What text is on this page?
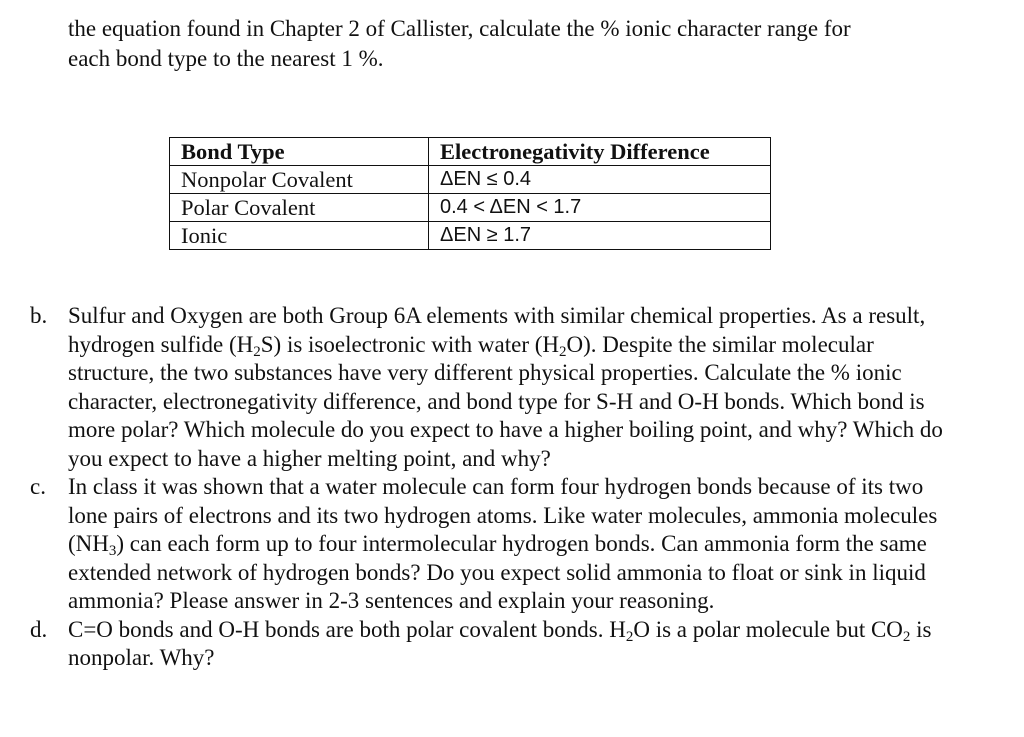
the equation found in Chapter 2 of Callister, calculate the % ionic character range for

each bond type to the nearest 1 %.

Bond Type	Electronegativity Difference
Nonpolar Covalent	ΔEN ≤ 0.4
Polar Covalent	0.4 < ΔEN < 1.7
Ionic	ΔEN ≥ 1.7

b. Sulfur and Oxygen are both Group 6A elements with similar chemical properties. As a result, hydrogen sulfide $(H_2S)$ is isoelectronic with water $(H_2O)$. Despite the similar molecular structure, the two substances have very different physical properties. Calculate the % ionic character, electronegativity difference, and bond type for S-H and O-H bonds. Which bond is more polar? Which molecule do you expect to have a higher boiling point, and why? Which do you expect to have a higher melting point, and why?

c. In class it was shown that a water molecule can form four hydrogen bonds because of its two lone pairs of electrons and its two hydrogen atoms. Like water molecules, ammonia molecules $(NH_3)$ can each form up to four intermolecular hydrogen bonds. Can ammonia form the same extended network of hydrogen bonds? Do you expect solid ammonia to float or sink in liquid ammonia? Please answer in 2-3 sentences and explain your reasoning.

d. C=O bonds and O-H bonds are both polar covalent bonds. $H_2O$ is a polar molecule but $CO_2$ is nonpolar. Why?
